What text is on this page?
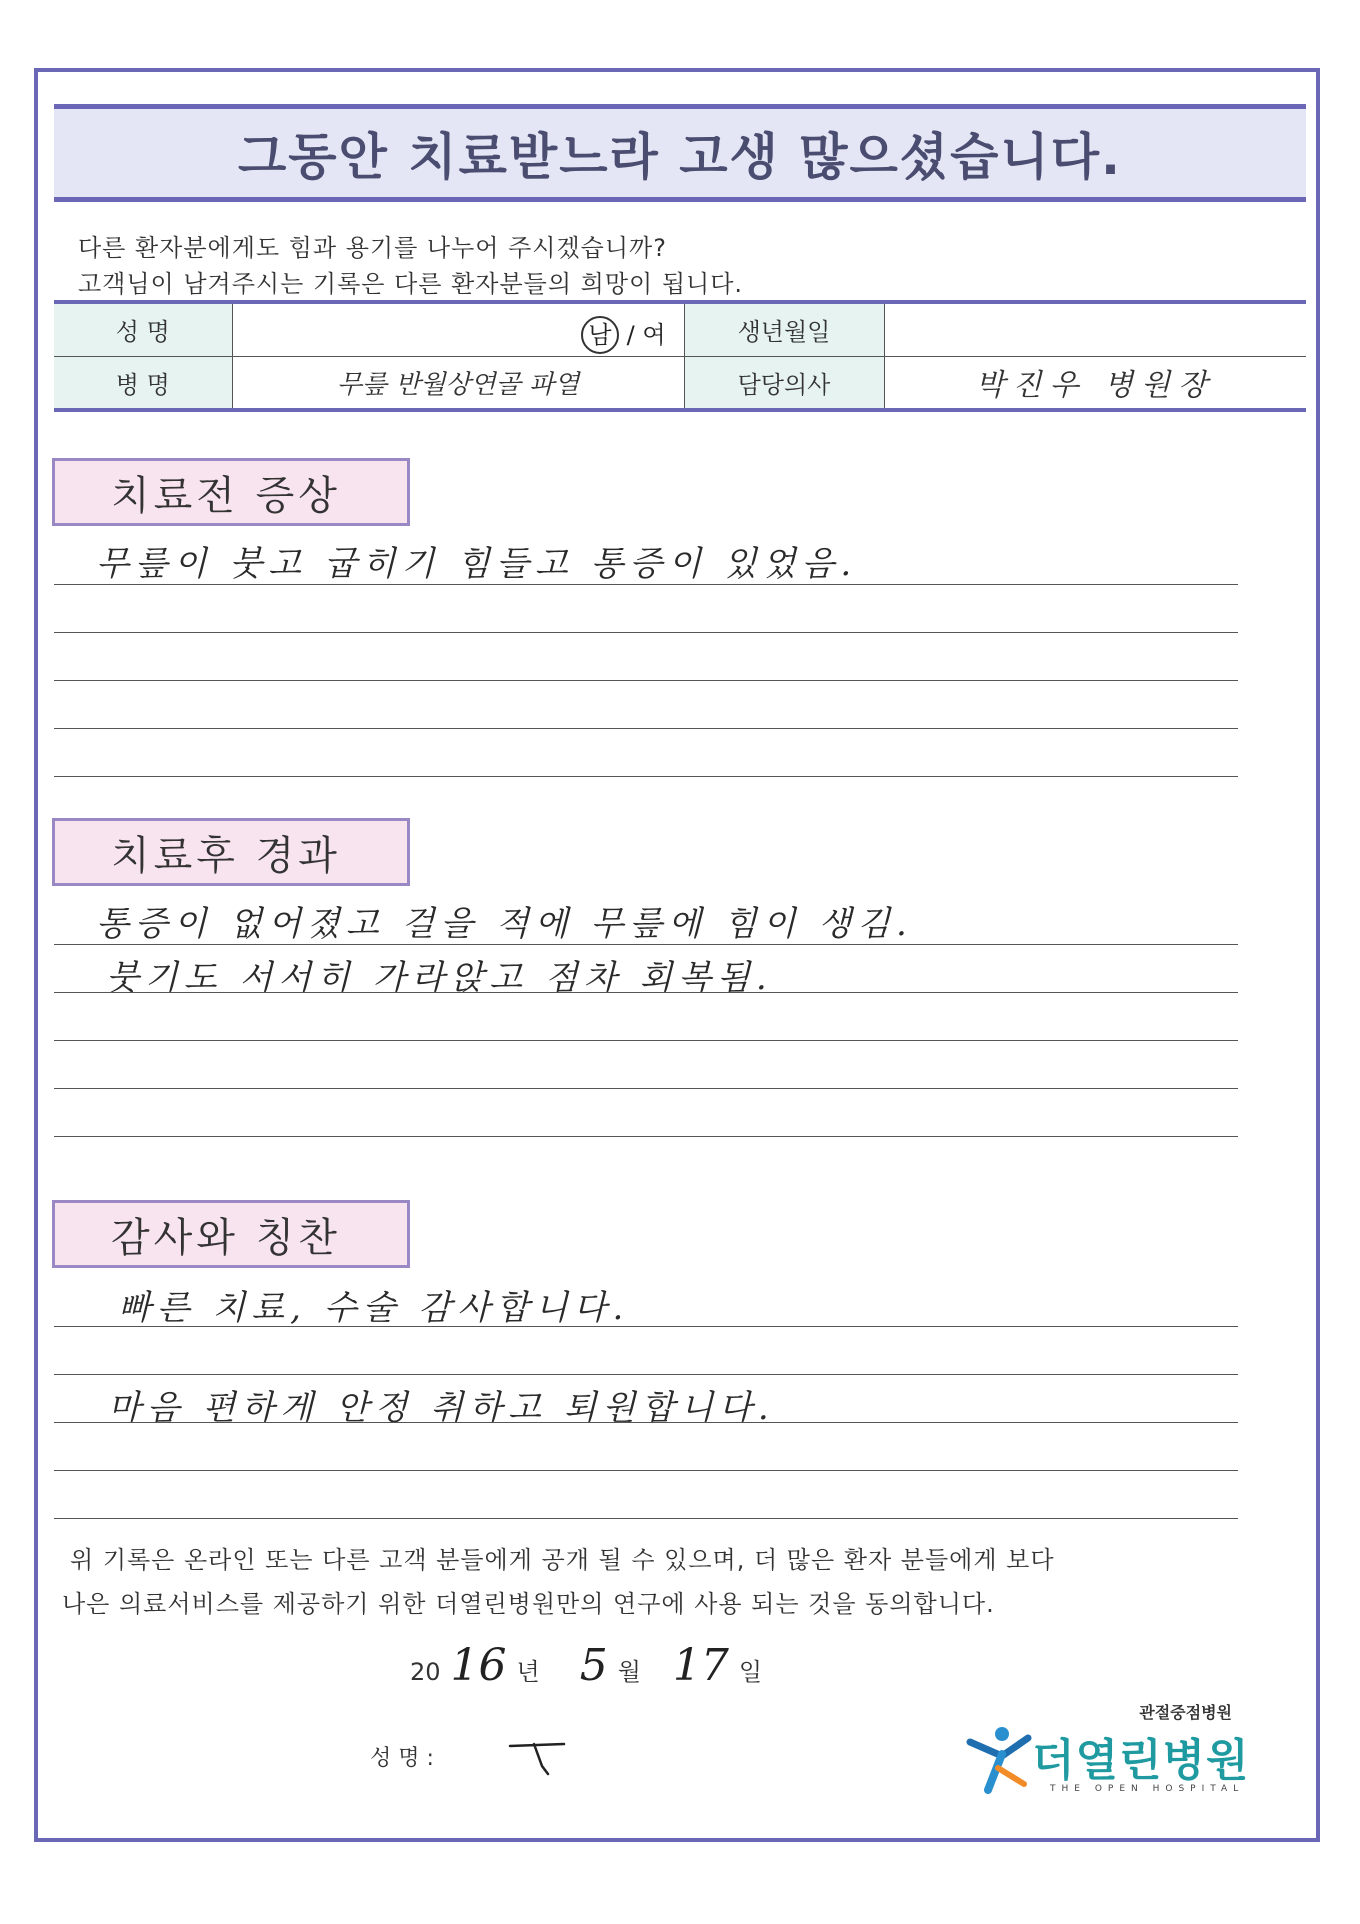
그동안 치료받느라 고생 많으셨습니다.
다른 환자분에게도 힘과 용기를 나누어 주시겠습니까?
고객님이 남겨주시는 기록은 다른 환자분들의 희망이 됩니다.
성 명	남 / 여	생년월일	
병 명	무릎 반월상연골 파열	담당의사	박진우 병원장
치료전 증상
무릎이 붓고 굽히기 힘들고 통증이 있었음.
치료후 경과
통증이 없어졌고 걸을 적에 무릎에 힘이 생김.
붓기도 서서히 가라앉고 점차 회복됨.
감사와 칭찬
빠른 치료, 수술 감사합니다.
마음 편하게 안정 취하고 퇴원합니다.
위 기록은 온라인 또는 다른 고객 분들에게 공개 될 수 있으며, 더 많은 환자 분들에게 보다
나은 의료서비스를 제공하기 위한 더열린병원만의 연구에 사용 되는 것을 동의합니다.
20 16 년 5 월 17 일
성 명 :
관절중점병원
더열린병원
THE OPEN HOSPITAL
